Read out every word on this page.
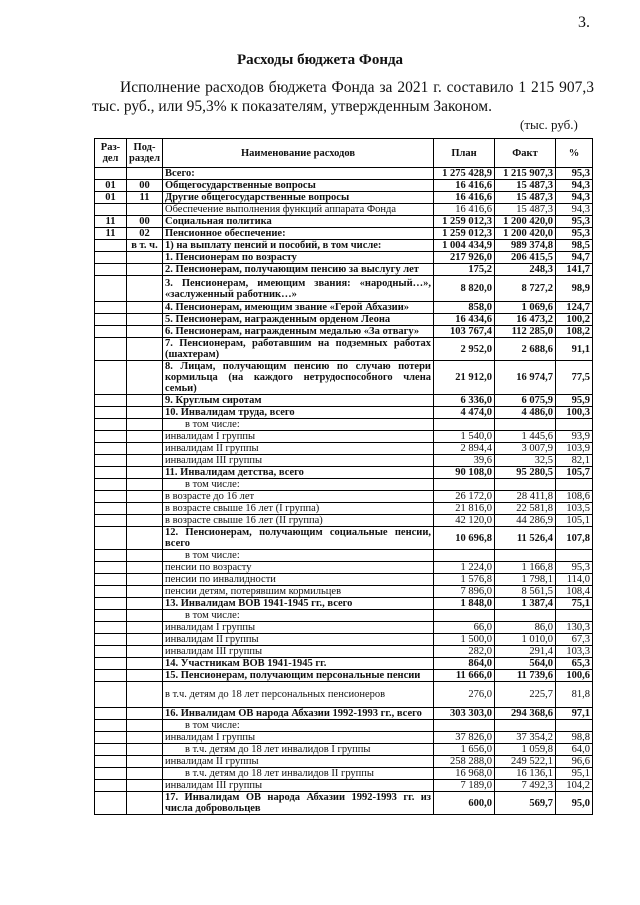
3.
Расходы бюджета Фонда
Исполнение расходов бюджета Фонда за 2021 г. составило 1 215 907,3 тыс. руб., или 95,3% к показателям, утвержденным Законом.
(тыс. руб.)
Раз-дел	Под-раздел	Наименование расходов	План	Факт	%
		Всего:	1 275 428,9	1 215 907,3	95,3
01	00	Общегосударственные вопросы	16 416,6	15 487,3	94,3
01	11	Другие общегосударственные вопросы	16 416,6	15 487,3	94,3
		Обеспечение выполнения функций аппарата Фонда	16 416,6	15 487,3	94,3
11	00	Социальная политика	1 259 012,3	1 200 420,0	95,3
11	02	Пенсионное обеспечение:	1 259 012,3	1 200 420,0	95,3
	в т. ч.	1) на выплату пенсий и пособий, в том числе:	1 004 434,9	989 374,8	98,5
		1. Пенсионерам по возрасту	217 926,0	206 415,5	94,7
		2. Пенсионерам, получающим пенсию за выслугу лет	175,2	248,3	141,7
		3. Пенсионерам, имеющим звания: «народный…», «заслуженный работник…»	8 820,0	8 727,2	98,9
		4. Пенсионерам, имеющим звание «Герой Абхазии»	858,0	1 069,6	124,7
		5. Пенсионерам, награжденным орденом Леона	16 434,6	16 473,2	100,2
		6. Пенсионерам, награжденным медалью «За отвагу»	103 767,4	112 285,0	108,2
		7. Пенсионерам, работавшим на подземных работах (шахтерам)	2 952,0	2 688,6	91,1
		8. Лицам, получающим пенсию по случаю потери кормильца (на каждого нетрудоспособного члена семьи)	21 912,0	16 974,7	77,5
		9. Круглым сиротам	6 336,0	6 075,9	95,9
		10. Инвалидам труда, всего	4 474,0	4 486,0	100,3
		в том числе:			
		инвалидам I группы	1 540,0	1 445,6	93,9
		инвалидам II группы	2 894,4	3 007,9	103,9
		инвалидам III группы	39,6	32,5	82,1
		11. Инвалидам детства, всего	90 108,0	95 280,5	105,7
		в том числе:			
		в возрасте до 16 лет	26 172,0	28 411,8	108,6
		в возрасте свыше 16 лет (I группа)	21 816,0	22 581,8	103,5
		в возрасте свыше 16 лет (II группа)	42 120,0	44 286,9	105,1
		12. Пенсионерам, получающим социальные пенсии, всего	10 696,8	11 526,4	107,8
		в том числе:			
		пенсии по возрасту	1 224,0	1 166,8	95,3
		пенсии по инвалидности	1 576,8	1 798,1	114,0
		пенсии детям, потерявшим кормильцев	7 896,0	8 561,5	108,4
		13. Инвалидам ВОВ 1941-1945 гг., всего	1 848,0	1 387,4	75,1
		в том числе:			
		инвалидам I группы	66,0	86,0	130,3
		инвалидам II группы	1 500,0	1 010,0	67,3
		инвалидам III группы	282,0	291,4	103,3
		14. Участникам ВОВ 1941-1945 гг.	864,0	564,0	65,3
		15. Пенсионерам, получающим персональные пенсии	11 666,0	11 739,6	100,6
		в т.ч. детям до 18 лет персональных пенсионеров	276,0	225,7	81,8
		16. Инвалидам ОВ народа Абхазии 1992-1993 гг., всего	303 303,0	294 368,6	97,1
		в том числе:			
		инвалидам I группы	37 826,0	37 354,2	98,8
		в т.ч. детям до 18 лет инвалидов I группы	1 656,0	1 059,8	64,0
		инвалидам II группы	258 288,0	249 522,1	96,6
		в т.ч. детям до 18 лет инвалидов II группы	16 968,0	16 136,1	95,1
		инвалидам III группы	7 189,0	7 492,3	104,2
		17. Инвалидам ОВ народа Абхазии 1992-1993 гг. из числа добровольцев	600,0	569,7	95,0
